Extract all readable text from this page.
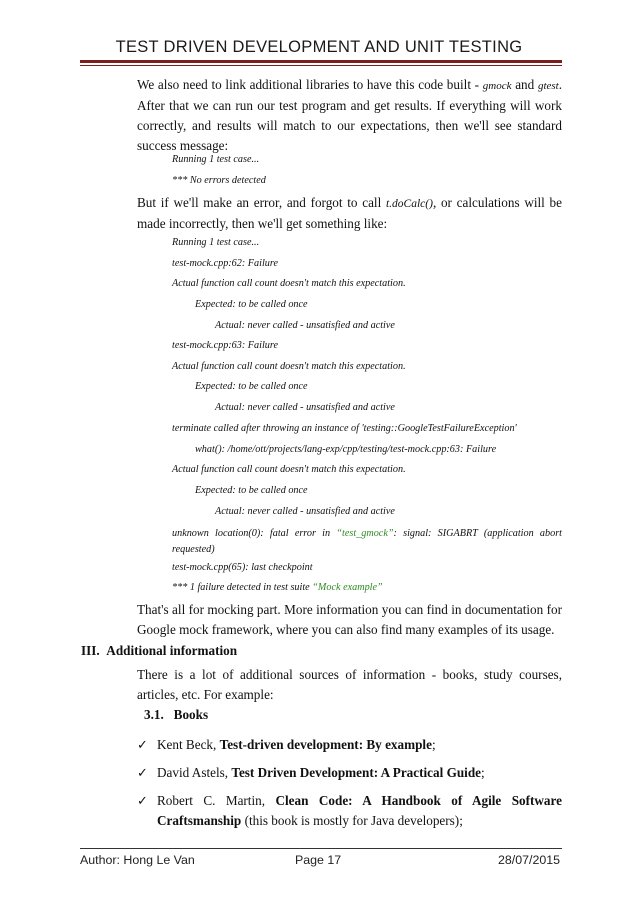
TEST DRIVEN DEVELOPMENT AND UNIT TESTING
We also need to link additional libraries to have this code built - gmock and gtest. After that we can run our test program and get results. If everything will work correctly, and results will match to our expectations, then we'll see standard success message:
Running 1 test case...
*** No errors detected
But if we'll make an error, and forgot to call t.doCalc(), or calculations will be made incorrectly, then we'll get something like:
Running 1 test case...
test-mock.cpp:62: Failure
Actual function call count doesn't match this expectation.
Expected: to be called once
Actual: never called - unsatisfied and active
test-mock.cpp:63: Failure
Actual function call count doesn't match this expectation.
Expected: to be called once
Actual: never called - unsatisfied and active
terminate called after throwing an instance of 'testing::GoogleTestFailureException'
what(): /home/ott/projects/lang-exp/cpp/testing/test-mock.cpp:63: Failure
Actual function call count doesn't match this expectation.
Expected: to be called once
Actual: never called - unsatisfied and active
unknown location(0): fatal error in “test_gmock”: signal: SIGABRT (application abort requested)
test-mock.cpp(65): last checkpoint
*** 1 failure detected in test suite “Mock example”
That's all for mocking part. More information you can find in documentation for Google mock framework, where you can also find many examples of its usage.
III. Additional information
There is a lot of additional sources of information - books, study courses, articles, etc. For example:
3.1. Books
✓ Kent Beck, Test-driven development: By example;
✓ David Astels, Test Driven Development: A Practical Guide;
✓ Robert C. Martin, Clean Code: A Handbook of Agile Software Craftsmanship (this book is mostly for Java developers);
Author: Hong Le Van	Page 17	28/07/2015
